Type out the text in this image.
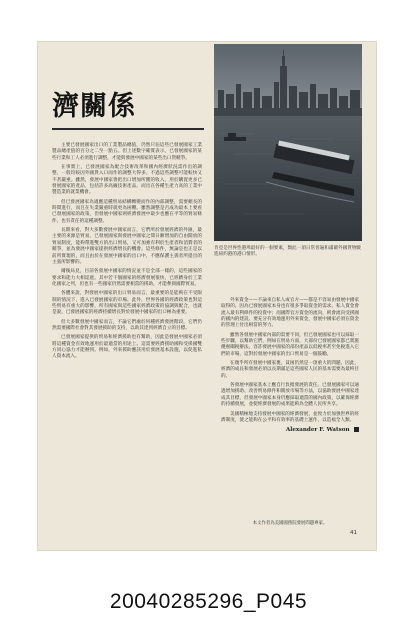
肯亞是世界性港埠最好的一個要素，類此一項日常普遍和滿載外國貨物駛進紐約港的港口情形。

濟關係

主要已發展國家出口的工業製品總值，仍然只佔這些已發展國家工業製品總產值的百分之二至一點五。但上述數字確實表示，已發展國家的某些行業和工人必須進行調整，才能與發展中國家的某些出口貨競爭。

在事實上，已發展國家為配合技術改革和國內經濟狀況需作出的調整，一般均較因外國貨入口而作的調整大得多。不過這些調整可能較快又不甚嚴重。雖然，發展中國家會把出口增加所獲的收入，用於購置更多已發展國家的產品，包括許多高級技術產品。而出在各種生產力高的工業中製造業的就業機會。

但已發展國家為適應這種貿易結構轉變而作的內部調整，需要頗長的時間進行，而且在失業嚴重時就更為困難。雖然調整是否成功最本上要看已發展國家的政策，但發展中國家則經濟發展中最少也應在平等的貿易條件，也有責任的這種調整。

長期來看，對大多數發展中國家而言，它們所於發展經濟的外匯，最主要的來源是貿易。已發展國家與發展中國家之間日漸增加的自由開放的貿易制度，能夠帶進雙方的出口貿易，又可加強有利於生產者和消費者的競爭，並為發展中國家提供經濟增長的機會。這些條件，無論是也正是以前所實現的，而且由於在發展中國家的出口中，不應保護主義者所提出的主張所影響的。

爾後局見，目前各發展中國家的情況並不是全部一樣的，這些國家的要求和能力大相逕庭。其中若干個國家的經濟發展很快，已經躋身於工業化國家之列，但也有一些國家仍然需要相當的援助，才能參與國際貿易。

各體來說，對發展中國家的出口貿易而言，最重要的是能夠在不受限制的情況下，進入已發展國家的市場。此外，世界各國的經濟政策也對這些貿易有重大的影響，所有國家與這些國家經濟政策的協調與配合，也就是說，已發展國家的經濟持續增長對於發展中國家的出口極為重要。

但大多數發展中國家而言，不論它們處於何種經濟發展階段，它們仍然需要國際社會對其發展援助的支持，以助其達到經濟自立的目標。

已發展國家提供的貿易和經濟援助也有幫助，因此是發展中國家必須將這種資金有效地運用於最適當的用途上。這需要經濟援助國和受援國雙方同心協力才能辦到。例如，外來援助應該用於發展基本設施，以促進私人資本流入。

外來資金——不論來自私人或官方——都是不容易由發展中國家取得的。因為已發展國家本身也有很多爭取資金的需求。私人資金會流入最有利條件的投資中；而國際官方資金的流向，則會流向受援國的國內的建設。要充分有效地運用外來資金，發展中國家必須在資金的管理上付出相當的努力。

雖然各發展中國家內部的需要不同，但已發展國家也可以採取一些步驟，以幫助它們，例如在貿易方面，大部份已發展國家都已實施優惠關稅辦法，容許發展中國家的部份產品以低稅率甚至免稅進入它們的市場，這對於發展中國家的出口貿易是一個鼓勵。

在幾乎所有發展中國家裏，貧困仍然是一項重大的問題。因此，經濟的成長和發展必須以長期滿足這些國家人民的基本需要為最終目的。

各發展中國家基本上應自行負擔發展的責任。已發展國家可以通過增加援助、改善貿易條件和開放市場等方法，以協助發展中國家達成其目標，但發展中國家本身仍應採取適當的國內政策，以確保經濟的持續發展，並使經濟發展的成果能夠為全體人民所共享。

美國積極地支持發展中國家的經濟發展，並致力於加強世界的經濟制度，使之能夠在公平和有效率的基礎上運作，以造福全人類。

Alexander F. Watson

本文作者為美國國務院發展問題專家。

41

20040285296_P045
